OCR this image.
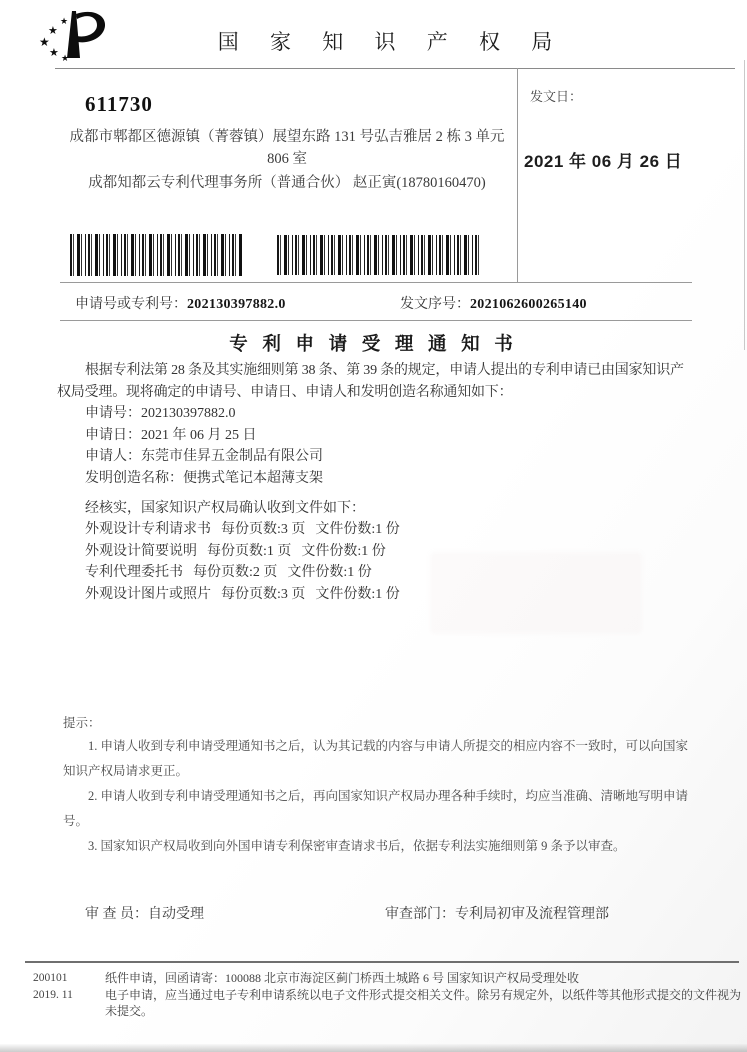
★
★
★
★ ★
国 家 知 识 产 权 局
611730
成都市郫都区德源镇（菁蓉镇）展望东路 131 号弘吉雅居 2 栋 3 单元
806 室
成都知都云专利代理事务所（普通合伙） 赵正寅(18780160470)
发文日：
2021 年 06 月 26 日
申请号或专利号：202130397882.0	发文序号：2021062600265140
专 利 申 请 受 理 通 知 书
根据专利法第 28 条及其实施细则第 38 条、第 39 条的规定，申请人提出的专利申请已由国家知识产权局受理。现将确定的申请号、申请日、申请人和发明创造名称通知如下：
申请号：202130397882.0
申请日：2021 年 06 月 25 日
申请人：东莞市佳昇五金制品有限公司
发明创造名称：便携式笔记本超薄支架
经核实，国家知识产权局确认收到文件如下：
外观设计专利请求书 每份页数:3 页 文件份数:1 份
外观设计简要说明 每份页数:1 页 文件份数:1 份
专利代理委托书 每份页数:2 页 文件份数:1 份
外观设计图片或照片 每份页数:3 页 文件份数:1 份
提示：
1. 申请人收到专利申请受理通知书之后，认为其记载的内容与申请人所提交的相应内容不一致时，可以向国家知识产权局请求更正。
2. 申请人收到专利申请受理通知书之后，再向国家知识产权局办理各种手续时，均应当准确、清晰地写明申请号。
3. 国家知识产权局收到向外国申请专利保密审查请求书后，依据专利法实施细则第 9 条予以审查。
审 查 员：自动受理	审查部门：专利局初审及流程管理部
200101
2019. 11
纸件申请，回函请寄：100088 北京市海淀区蓟门桥西土城路 6 号 国家知识产权局受理处收
电子申请，应当通过电子专利申请系统以电子文件形式提交相关文件。除另有规定外，以纸件等其他形式提交的文件视为未提交。
